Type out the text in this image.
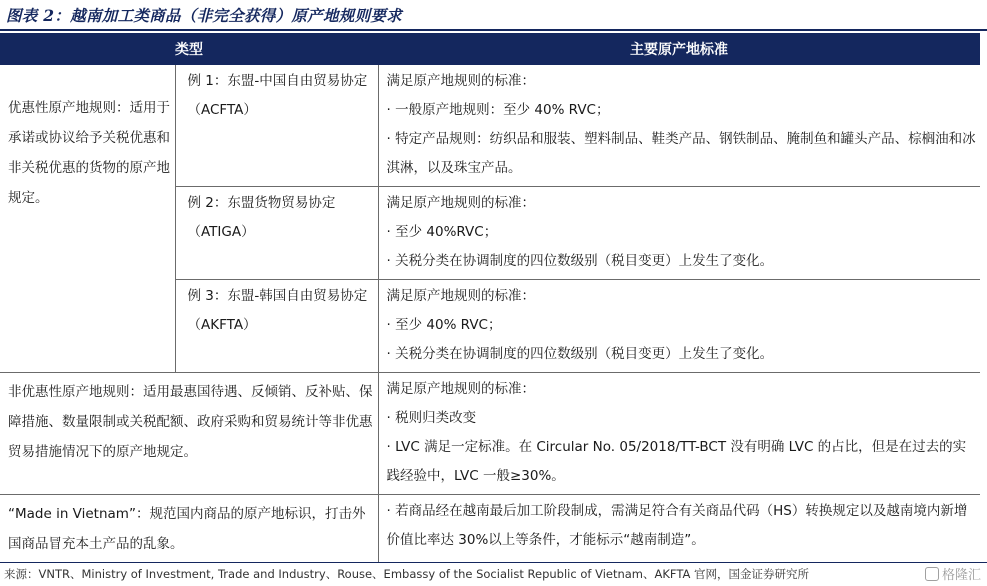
图表 2：越南加工类商品（非完全获得）原产地规则要求
类型		主要原产地标准
优惠性原产地规则：适用于承诺或协议给予关税优惠和非关税优惠的货物的原产地规定。	例 1：东盟-中国自由贸易协定（ACFTA）	满足原产地规则的标准：
· 一般原产地规则：至少 40% RVC；
· 特定产品规则：纺织品和服装、塑料制品、鞋类产品、钢铁制品、腌制鱼和罐头产品、棕榈油和冰淇淋，以及珠宝产品。

	例 2：东盟货物贸易协定（ATIGA）	满足原产地规则的标准：
· 至少 40%RVC；
· 关税分类在协调制度的四位数级别（税目变更）上发生了变化。

	例 3：东盟-韩国自由贸易协定（AKFTA）	满足原产地规则的标准：
· 至少 40% RVC；
· 关税分类在协调制度的四位数级别（税目变更）上发生了变化。

非优惠性原产地规则：适用最惠国待遇、反倾销、反补贴、保障措施、数量限制或关税配额、政府采购和贸易统计等非优惠贸易措施情况下的原产地规定。		满足原产地规则的标准：
· 税则归类改变
· LVC 满足一定标准。在 Circular No. 05/2018/TT-BCT 没有明确 LVC 的占比，但是在过去的实践经验中，LVC 一般≥30%。

“Made in Vietnam”：规范国内商品的原产地标识，打击外国商品冒充本土产品的乱象。		· 若商品经在越南最后加工阶段制成，需满足符合有关商品代码（HS）转换规定以及越南境内新增价值比率达 30%以上等条件，才能标示“越南制造”。
来源：VNTR、Ministry of Investment, Trade and Industry、Rouse、Embassy of the Socialist Republic of Vietnam、AKFTA 官网，国金证券研究所	格隆汇
